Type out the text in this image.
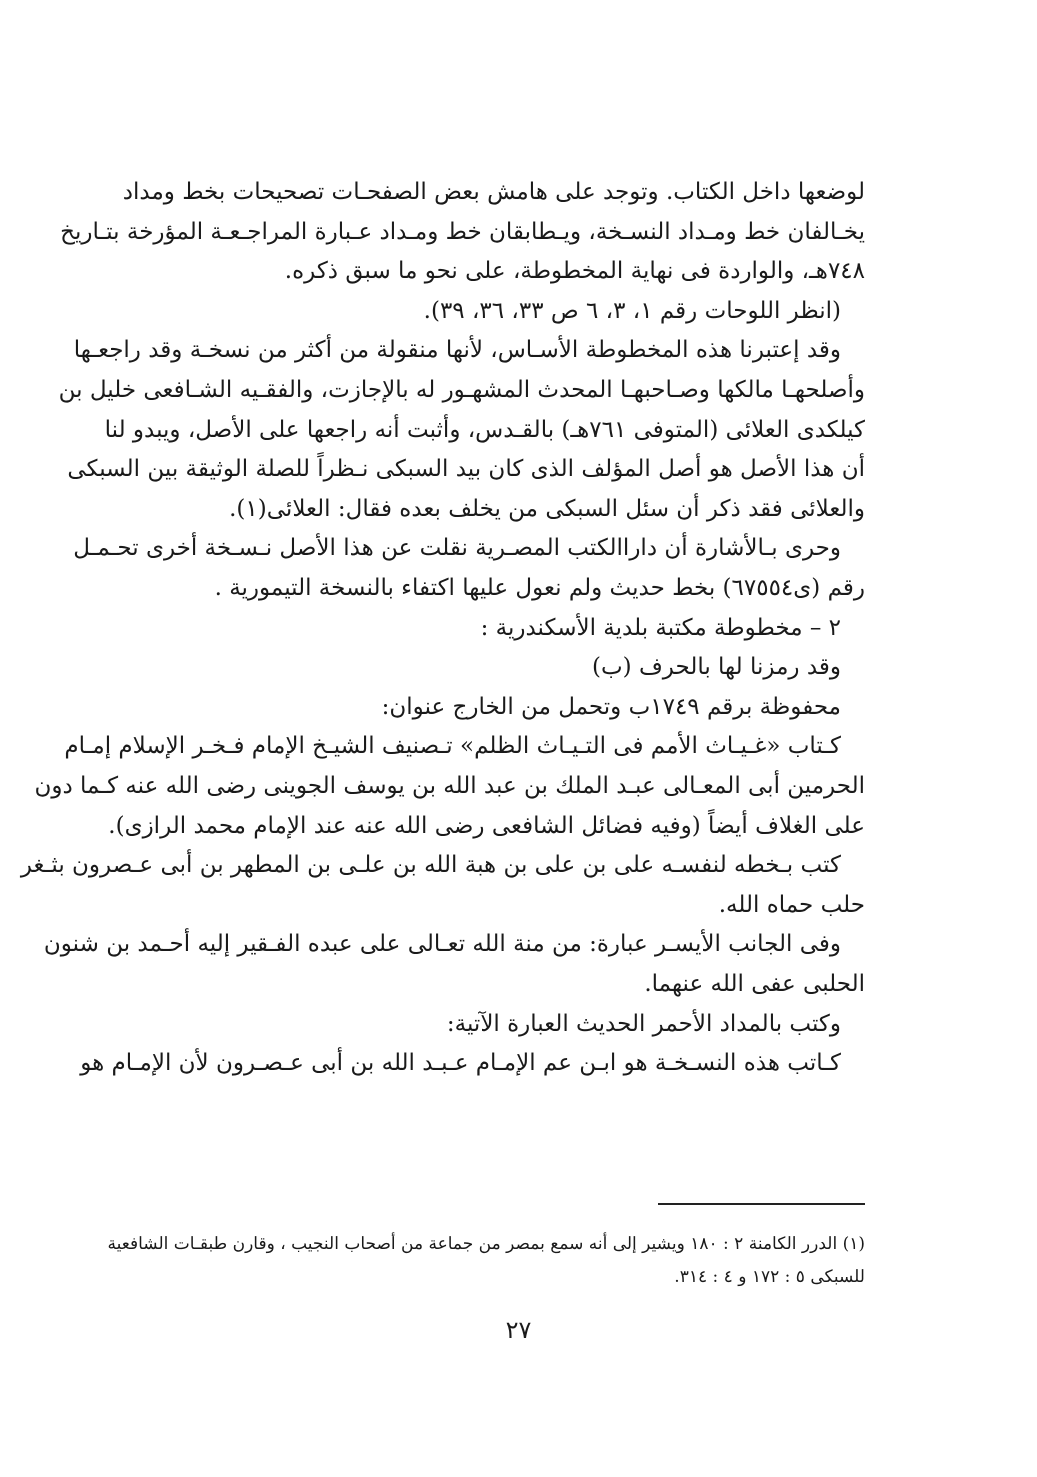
لوضعها داخل الكتاب. وتوجد على هامش بعض الصفحـات تصحيحات بخط ومداد
يخـالفان خط ومـداد النسـخة، ويـطابقان خط ومـداد عـبارة المراجـعـة المؤرخة بتـاريخ
٧٤٨هـ، والواردة فى نهاية المخطوطة، على نحو ما سبق ذكره.
(انظر اللوحات رقم ١، ٣، ٦ ص ٣٣، ٣٦، ٣٩).
وقد إعتبرنا هذه المخطوطة الأسـاس، لأنها منقولة من أكثر من نسخـة وقد راجعـها
وأصلحهـا مالكها وصـاحبهـا المحدث المشهـور له بالإجازت، والفقـيه الشـافعى خليل بن
كيلكدى العلائى (المتوفى ٧٦١هـ) بالقـدس، وأثبت أنه راجعها على الأصل، ويبدو لنا
أن هذا الأصل هو أصل المؤلف الذى كان بيد السبكى نـظراً للصلة الوثيقة بين السبكى
والعلائى فقد ذكر أن سئل السبكى من يخلف بعده فقال: العلائى(١).
وحرى بـالأشارة أن داراالكتب المصـرية نقلت عن هذا الأصل نـسـخة أخرى تحـمـل
رقم (ى٦٧٥٥٤) بخط حديث ولم نعول عليها اكتفاء بالنسخة التيمورية .
٢ – مخطوطة مكتبة بلدية الأسكندرية :
وقد رمزنا لها بالحرف (ب)
محفوظة برقم ١٧٤٩ب وتحمل من الخارج عنوان:
كـتاب «غـيـاث الأمم فى التـيـاث الظلم» تـصنيف الشيـخ الإمام فـخـر الإسلام إمـام
الحرمين أبى المعـالى عبـد الملك بن عبد الله بن يوسف الجوينى رضى الله عنه كـما دون
على الغلاف أيضاً (وفيه فضائل الشافعى رضى الله عنه عند الإمام محمد الرازى).
كتب بـخطه لنفسـه على بن على بن هبة الله بن علـى بن المطهر بن أبى عـصرون بثـغر
حلب حماه الله.
وفى الجانب الأيسـر عبارة: من منة الله تعـالى على عبده الفـقير إليه أحـمد بن شنون
الحلبى عفى الله عنهما.
وكتب بالمداد الأحمر الحديث العبارة الآتية:
كـاتب هذه النسـخـة هو ابـن عم الإمـام عـبـد الله بن أبى عـصـرون لأن الإمـام هو
(١) الدرر الكامنة ٢ : ١٨٠ ويشير إلى أنه سمع بمصر من جماعة من أصحاب النجيب ، وقارن طبقـات الشافعية
للسبكى ٥ : ١٧٢ و ٤ : ٣١٤.
٢٧
